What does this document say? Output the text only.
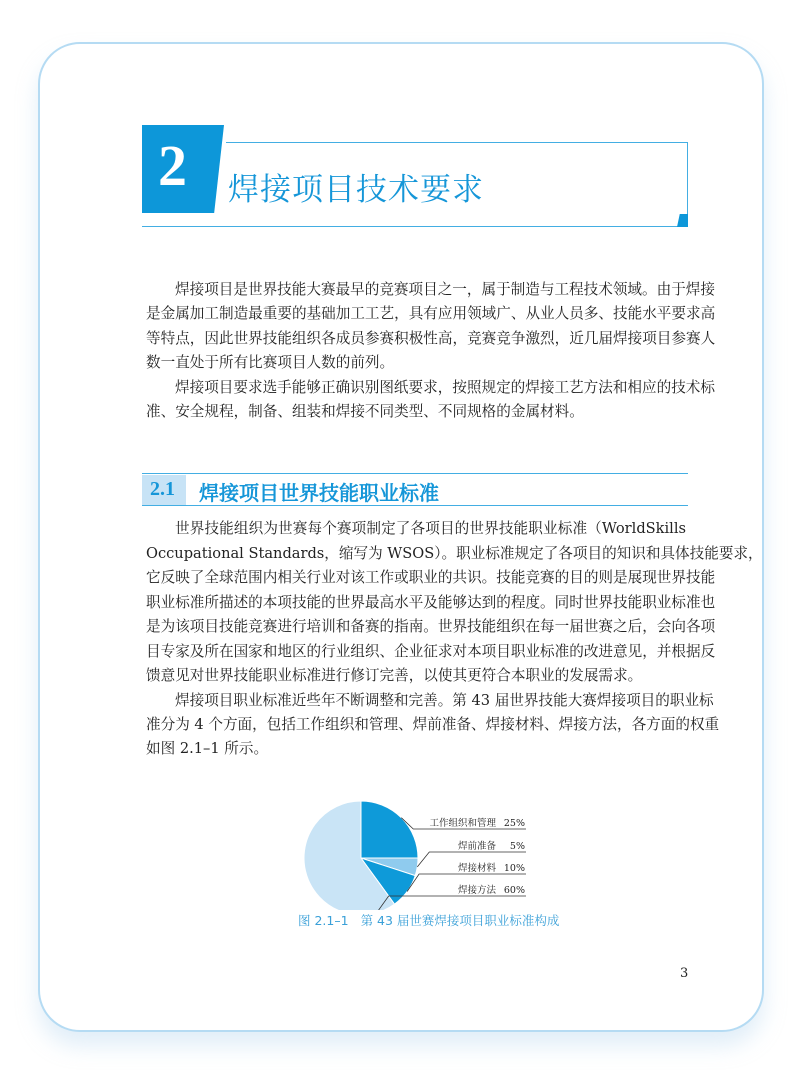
2 焊接项目技术要求
焊接项目是世界技能大赛最早的竞赛项目之一，属于制造与工程技术领域。由于焊接
是金属加工制造最重要的基础加工工艺，具有应用领域广、从业人员多、技能水平要求高
等特点，因此世界技能组织各成员参赛积极性高，竞赛竞争激烈，近几届焊接项目参赛人
数一直处于所有比赛项目人数的前列。
焊接项目要求选手能够正确识别图纸要求，按照规定的焊接工艺方法和相应的技术标
准、安全规程，制备、组装和焊接不同类型、不同规格的金属材料。
2.1 焊接项目世界技能职业标准
世界技能组织为世赛每个赛项制定了各项目的世界技能职业标准（WorldSkills
Occupational Standards，缩写为 WSOS）。职业标准规定了各项目的知识和具体技能要求，
它反映了全球范围内相关行业对该工作或职业的共识。技能竞赛的目的则是展现世界技能
职业标准所描述的本项技能的世界最高水平及能够达到的程度。同时世界技能职业标准也
是为该项目技能竞赛进行培训和备赛的指南。世界技能组织在每一届世赛之后，会向各项
目专家及所在国家和地区的行业组织、企业征求对本项目职业标准的改进意见，并根据反
馈意见对世界技能职业标准进行修订完善，以使其更符合本职业的发展需求。
焊接项目职业标准近些年不断调整和完善。第 43 届世界技能大赛焊接项目的职业标
准分为 4 个方面，包括工作组织和管理、焊前准备、焊接材料、焊接方法，各方面的权重
如图 2.1–1 所示。
工作组织和管理 25%
焊前准备 5%
焊接材料 10%
焊接方法 60%
图 2.1–1 第 43 届世赛焊接项目职业标准构成
3
